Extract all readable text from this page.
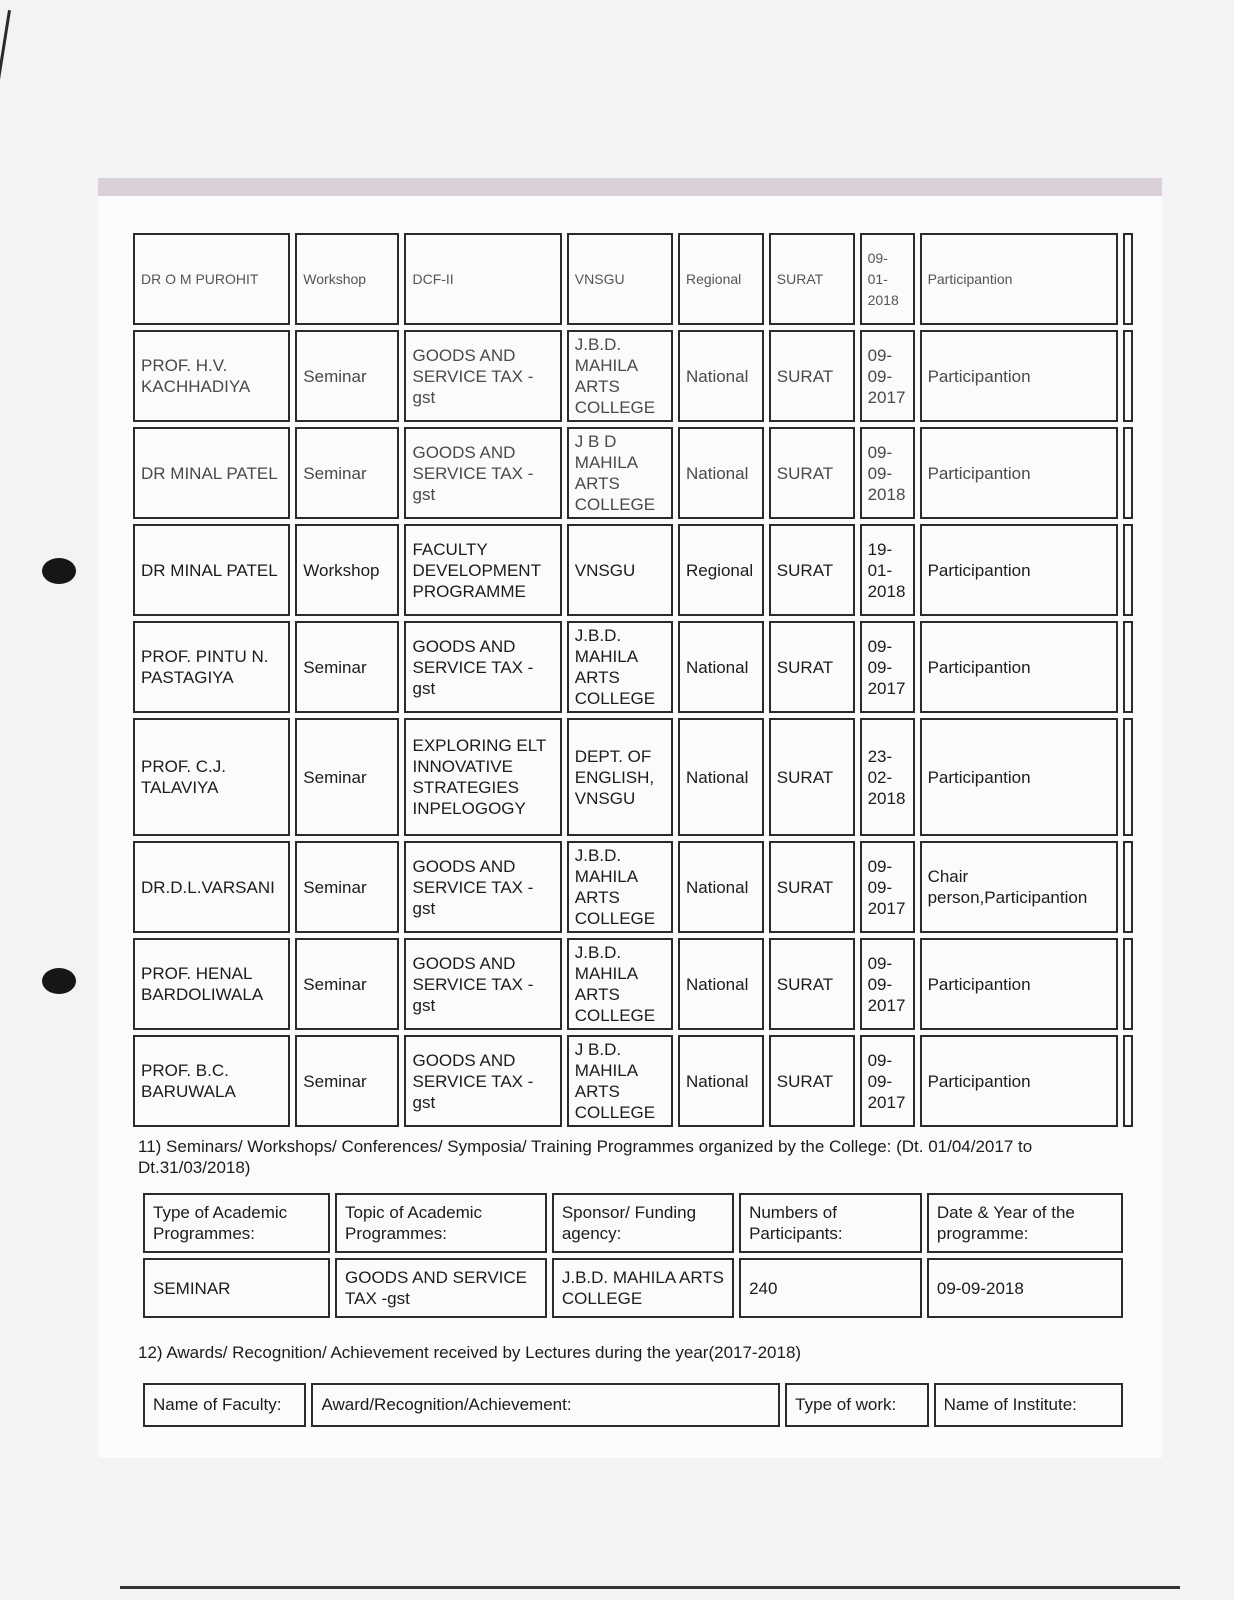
DR O M PUROHIT	Workshop	DCF-II	VNSGU	Regional	SURAT	09-01-2018	Participantion	
PROF. H.V. KACHHADIYA	Seminar	GOODS AND SERVICE TAX - gst	J.B.D. MAHILA ARTS COLLEGE	National	SURAT	09-09-2017	Participantion	
DR MINAL PATEL	Seminar	GOODS AND SERVICE TAX - gst	J B D MAHILA ARTS COLLEGE	National	SURAT	09-09-2018	Participantion	
DR MINAL PATEL	Workshop	FACULTY DEVELOPMENT PROGRAMME	VNSGU	Regional	SURAT	19-01-2018	Participantion	
PROF. PINTU N. PASTAGIYA	Seminar	GOODS AND SERVICE TAX - gst	J.B.D. MAHILA ARTS COLLEGE	National	SURAT	09-09-2017	Participantion	
PROF. C.J. TALAVIYA	Seminar	EXPLORING ELT INNOVATIVE STRATEGIES INPELOGOGY	DEPT. OF ENGLISH, VNSGU	National	SURAT	23-02-2018	Participantion	
DR.D.L.VARSANI	Seminar	GOODS AND SERVICE TAX - gst	J.B.D. MAHILA ARTS COLLEGE	National	SURAT	09-09-2017	Chair person,Participantion	
PROF. HENAL BARDOLIWALA	Seminar	GOODS AND SERVICE TAX - gst	J.B.D. MAHILA ARTS COLLEGE	National	SURAT	09-09-2017	Participantion	
PROF. B.C. BARUWALA	Seminar	GOODS AND SERVICE TAX - gst	J B.D. MAHILA ARTS COLLEGE	National	SURAT	09-09-2017	Participantion	
11) Seminars/ Workshops/ Conferences/ Symposia/ Training Programmes organized by the College: (Dt. 01/04/2017 to Dt.31/03/2018)
Type of Academic Programmes:	Topic of Academic Programmes:	Sponsor/ Funding agency:	Numbers of Participants:	Date & Year of the programme:
SEMINAR	GOODS AND SERVICE TAX -gst	J.B.D. MAHILA ARTS COLLEGE	240	09-09-2018
12) Awards/ Recognition/ Achievement received by Lectures during the year(2017-2018)
Name of Faculty:	Award/Recognition/Achievement:	Type of work:	Name of Institute:
